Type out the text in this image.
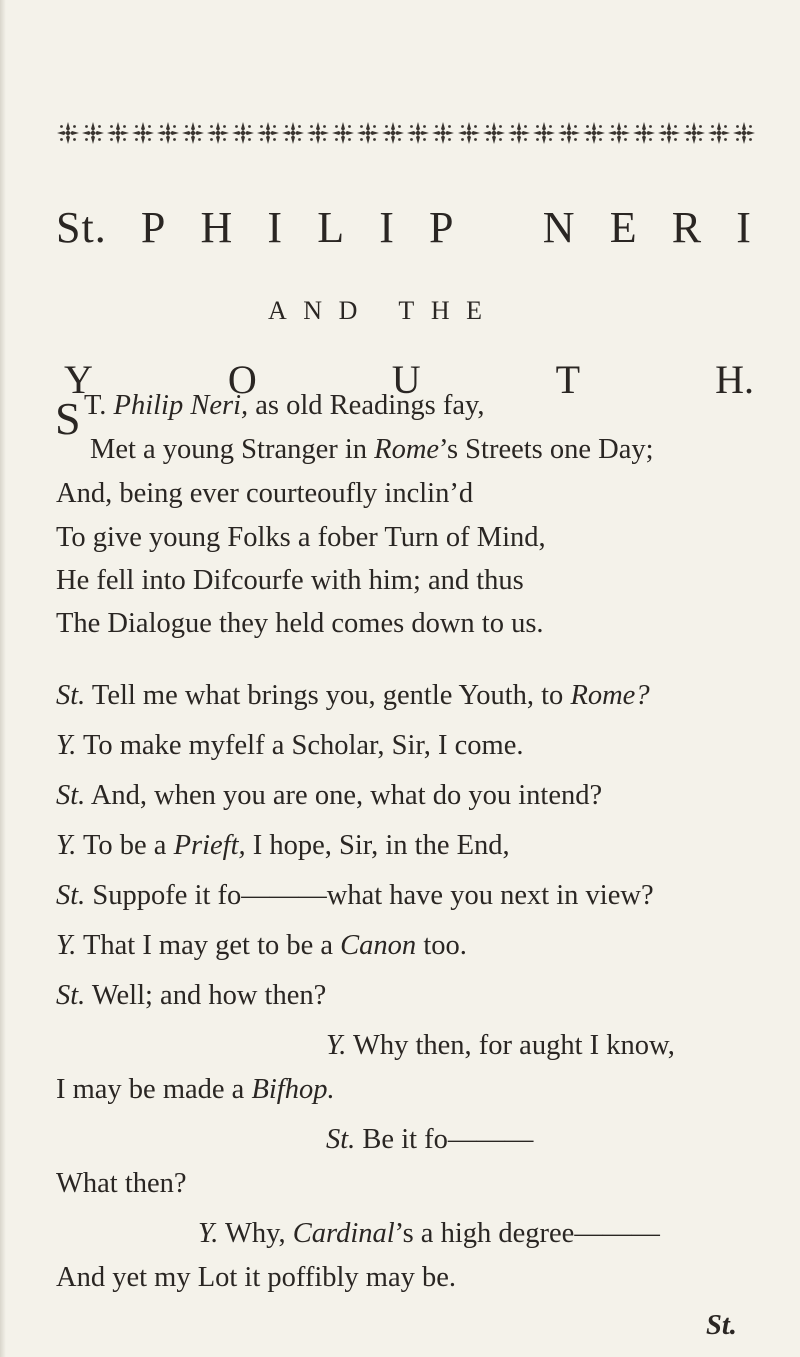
St. P H I L I P N E R I
A N D T H E
Y	O	U	T	H.
S T. Philip Neri, as old Readings fay,
Met a young Stranger in Rome’s Streets one Day;
And, being ever courteoufly inclin’d
To give young Folks a fober Turn of Mind,
He fell into Difcourfe with him; and thus
The Dialogue they held comes down to us.
St. Tell me what brings you, gentle Youth, to Rome?
Y. To make myfelf a Scholar, Sir, I come.
St. And, when you are one, what do you intend?
Y. To be a Prieft, I hope, Sir, in the End,
St. Suppofe it fo———what have you next in view?
Y. That I may get to be a Canon too.
St. Well; and how then?
Y. Why then, for aught I know,
I may be made a Bifhop.
St. Be it fo———
What then?
Y. Why, Cardinal’s a high degree———
And yet my Lot it poffibly may be.
St.
